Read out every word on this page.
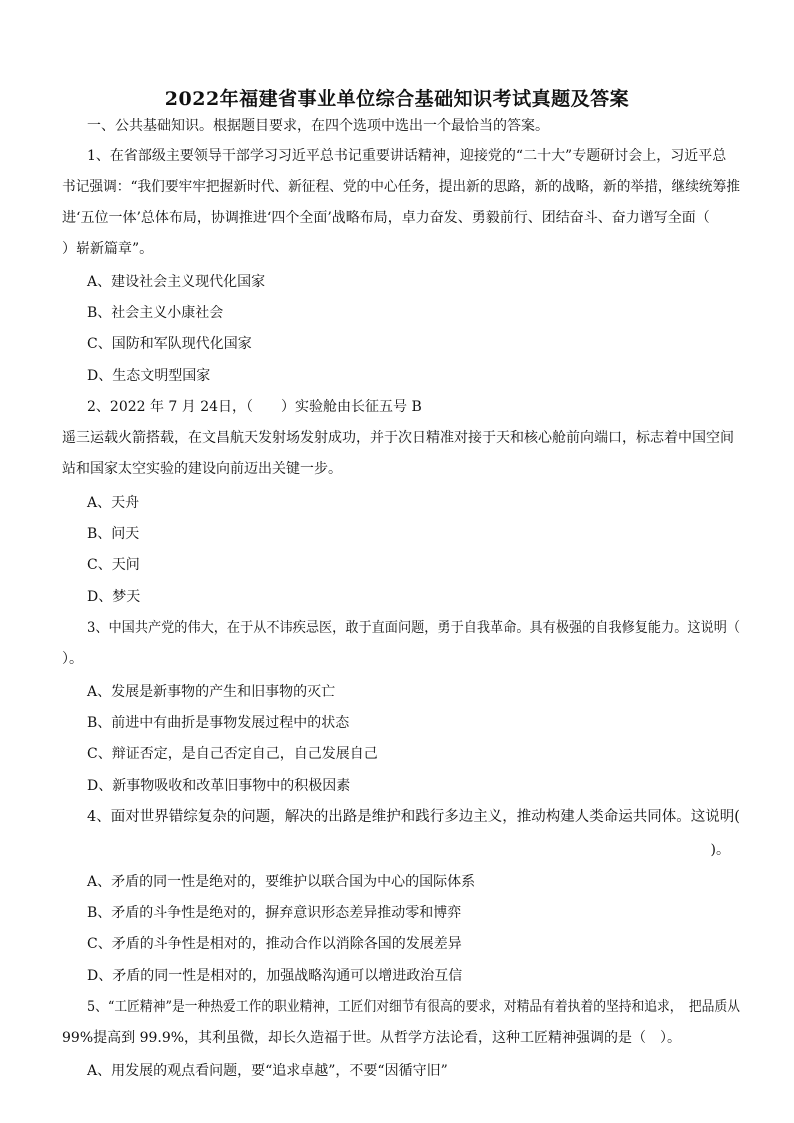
2022年福建省事业单位综合基础知识考试真题及答案
一、公共基础知识。根据题目要求，在四个选项中选出一个最恰当的答案。
1、在省部级主要领导干部学习习近平总书记重要讲话精神，迎接党的“二十大”专题研讨会上，习近平总
书记强调：“我们要牢牢把握新时代、新征程、党的中心任务，提出新的思路，新的战略，新的举措，继续统筹推
进‘五位一体’总体布局，协调推进‘四个全面’战略布局，卓力奋发、勇毅前行、团结奋斗、奋力谱写全面（
）崭新篇章”。
A、建设社会主义现代化国家
B、社会主义小康社会
C、国防和军队现代化国家
D、生态文明型国家
2、2022 年 7 月 24日，（　　）实验舱由长征五号 B
遥三运载火箭搭载，在文昌航天发射场发射成功，并于次日精准对接于天和核心舱前向端口，标志着中国空间
站和国家太空实验的建设向前迈出关键一步。
A、天舟
B、问天
C、天问
D、梦天
3、中国共产党的伟大，在于从不讳疾忌医，敢于直面问题，勇于自我革命。具有极强的自我修复能力。这说明（
）。
A、发展是新事物的产生和旧事物的灭亡
B、前进中有曲折是事物发展过程中的状态
C、辩证否定，是自己否定自己，自己发展自己
D、新事物吸收和改革旧事物中的积极因素
4、面对世界错综复杂的问题，解决的出路是维护和践行多边主义，推动构建人类命运共同体。这说明(
)。
A、矛盾的同一性是绝对的，要维护以联合国为中心的国际体系
B、矛盾的斗争性是绝对的，摒弃意识形态差异推动零和博弈
C、矛盾的斗争性是相对的，推动合作以消除各国的发展差异
D、矛盾的同一性是相对的，加强战略沟通可以增进政治互信
5、“工匠精神”是一种热爱工作的职业精神，工匠们对细节有很高的要求，对精品有着执着的坚持和追求，　把品质从
99%提高到 99.9%，其利虽微，却长久造福于世。从哲学方法论看，这种工匠精神强调的是（　）。
A、用发展的观点看问题，要“追求卓越”，不要“因循守旧”
